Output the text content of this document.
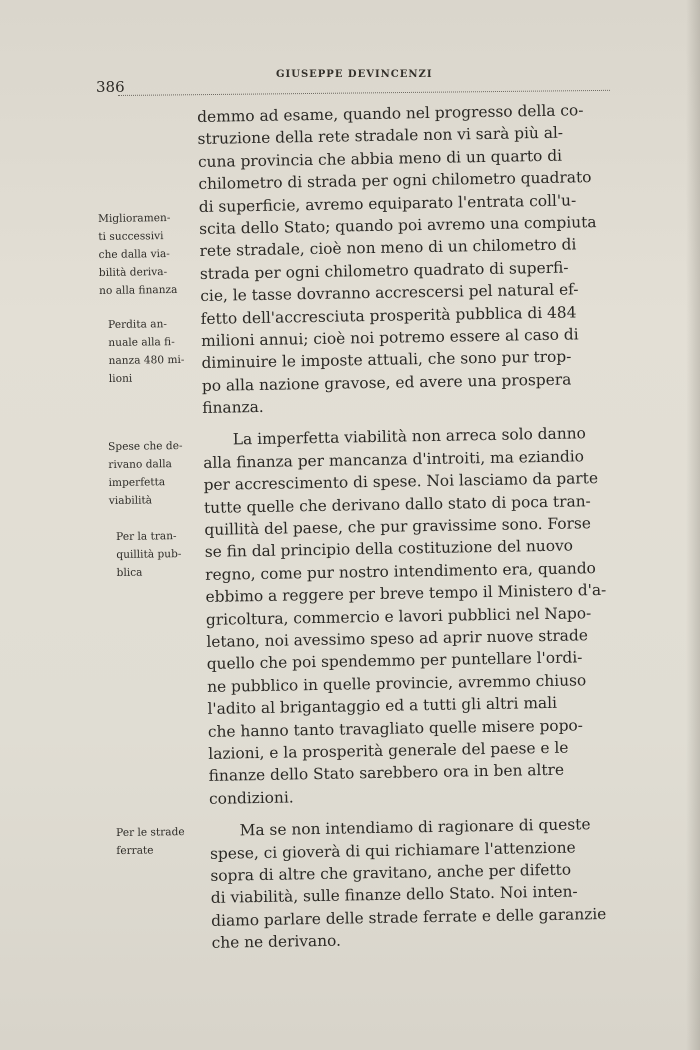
386
GIUSEPPE DEVINCENZI
Miglioramen-
ti successivi
che dalla via-
bilità deriva-
no alla finanza
Perdita an-
nuale alla fi-
nanza 480 mi-
lioni
Spese che de-
rivano dalla
imperfetta
viabilità
Per la tran-
quillità pub-
blica
Per le strade
ferrate
demmo ad esame, quando nel progresso della co-
struzione della rete stradale non vi sarà più al-
cuna provincia che abbia meno di un quarto di
chilometro di strada per ogni chilometro quadrato
di superficie, avremo equiparato l'entrata coll'u-
scita dello Stato; quando poi avremo una compiuta
rete stradale, cioè non meno di un chilometro di
strada per ogni chilometro quadrato di superfi-
cie, le tasse dovranno accrescersi pel natural ef-
fetto dell'accresciuta prosperità pubblica di 484
milioni annui; cioè noi potremo essere al caso di
diminuire le imposte attuali, che sono pur trop-
po alla nazione gravose, ed avere una prospera
finanza.
La imperfetta viabilità non arreca solo danno
alla finanza per mancanza d'introiti, ma eziandio
per accrescimento di spese. Noi lasciamo da parte
tutte quelle che derivano dallo stato di poca tran-
quillità del paese, che pur gravissime sono. Forse
se fin dal principio della costituzione del nuovo
regno, come pur nostro intendimento era, quando
ebbimo a reggere per breve tempo il Ministero d'a-
gricoltura, commercio e lavori pubblici nel Napo-
letano, noi avessimo speso ad aprir nuove strade
quello che poi spendemmo per puntellare l'ordi-
ne pubblico in quelle provincie, avremmo chiuso
l'adito al brigantaggio ed a tutti gli altri mali
che hanno tanto travagliato quelle misere popo-
lazioni, e la prosperità generale del paese e le
finanze dello Stato sarebbero ora in ben altre
condizioni.
Ma se non intendiamo di ragionare di queste
spese, ci gioverà di qui richiamare l'attenzione
sopra di altre che gravitano, anche per difetto
di viabilità, sulle finanze dello Stato. Noi inten-
diamo parlare delle strade ferrate e delle garanzie
che ne derivano.
